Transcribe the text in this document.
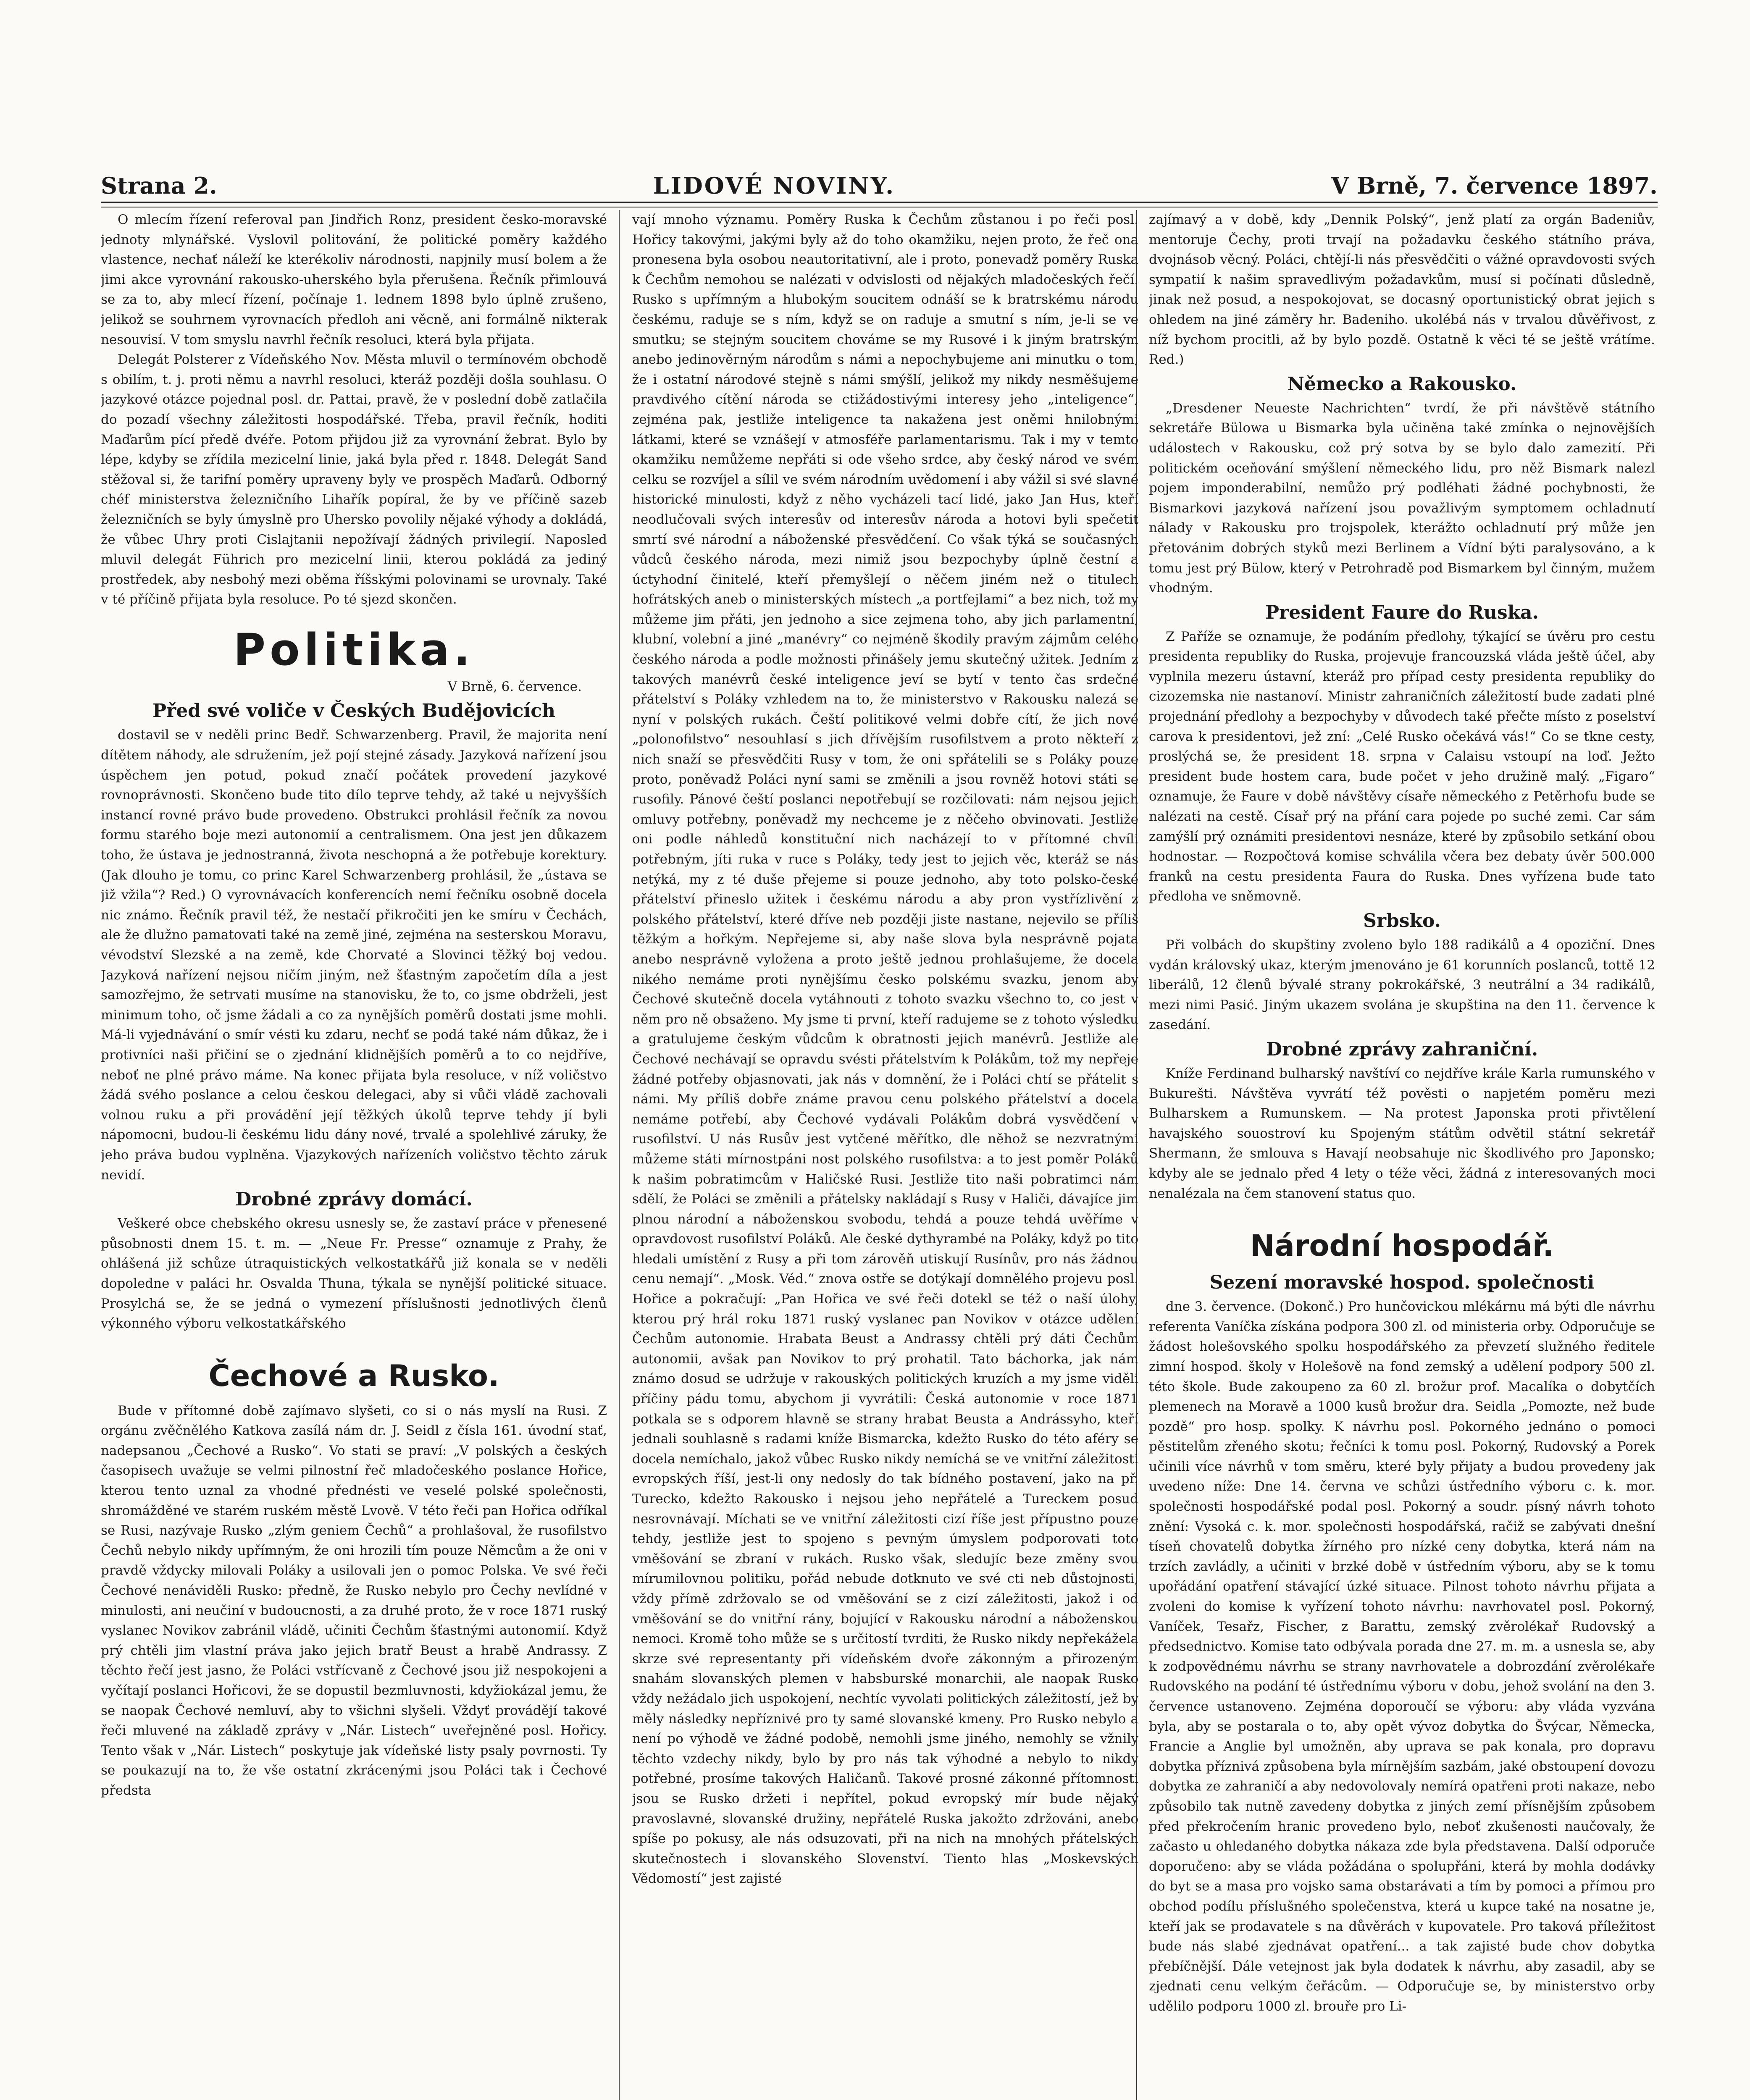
Strana 2.	LIDOVÉ NOVINY.	V Brně, 7. července 1897.

O mlecím řízení referoval pan Jindřich Ronz, president česko-moravské jednoty mlynářské. Vyslovil politování, že politické poměry každého vlastence, nechať náleží ke kterékoliv národnosti, napjnily musí bolem a že jimi akce vyrovnání rakousko-uherského byla přerušena. Řečník přimlouvá se za to, aby mlecí řízení, počínaje 1. lednem 1898 bylo úplně zrušeno, jelikož se souhrnem vyrovnacích předloh ani věcně, ani formálně nikterak nesouvisí. V tom smyslu navrhl řečník resoluci, která byla přijata.

Delegát Polsterer z Vídeňského Nov. Města mluvil o termínovém obchodě s obilím, t. j. proti němu a navrhl resoluci, kteráž později došla souhlasu. O jazykové otázce pojednal posl. dr. Pattai, pravě, že v poslední době zatlačila do pozadí všechny záležitosti hospodářské. Třeba, pravil řečník, hoditi Maďarům pící předě dvéře. Potom přijdou již za vyrovnání žebrat. Bylo by lépe, kdyby se zřídila mezicelní linie, jaká byla před r. 1848. Delegát Sand stěžoval si, že tarifní poměry upraveny byly ve prospěch Maďarů. Odborný chéf ministerstva železničního Lihařík popíral, že by ve příčině sazeb železničních se byly úmyslně pro Uhersko povolily nějaké výhody a dokládá, že vůbec Uhry proti Cislajtanii nepožívají žádných privilegií. Naposled mluvil delegát Führich pro mezicelní linii, kterou pokládá za jediný prostředek, aby nesbohý mezi oběma říšskými polovinami se urovnaly. Také v té příčině přijata byla resoluce. Po té sjezd skončen.

Politika.
V Brně, 6. července.
Před své voliče v Českých Budějovicích

dostavil se v neděli princ Bedř. Schwarzenberg. Pravil, že majorita není dítětem náhody, ale sdružením, jež pojí stejné zásady. Jazyková nařízení jsou úspěchem jen potud, pokud značí počátek provedení jazykové rovnoprávnosti. Skončeno bude tito dílo teprve tehdy, až také u nejvyšších instancí rovné právo bude provedeno. Obstrukci prohlásil řečník za novou formu starého boje mezi autonomií a centralismem. Ona jest jen důkazem toho, že ústava je jednostranná, života neschopná a že potřebuje korektury. (Jak dlouho je tomu, co princ Karel Schwarzenberg prohlásil, že „ústava se již vžila“? Red.) O vyrovnávacích konferencích nemí řečníku osobně docela nic známo. Řečník pravil též, že nestačí přikročiti jen ke smíru v Čechách, ale že dlužno pamatovati také na země jiné, zejména na sesterskou Moravu, vévodství Slezské a na země, kde Chorvaté a Slovinci těžký boj vedou. Jazyková nařízení nejsou ničím jiným, než šťastným započetím díla a jest samozřejmo, že setrvati musíme na stanovisku, že to, co jsme obdrželi, jest minimum toho, oč jsme žádali a co za nynějších poměrů dostati jsme mohli. Má-li vyjednávání o smír vésti ku zdaru, nechť se podá také nám důkaz, že i protivníci naši přičiní se o zjednání klidnějších poměrů a to co nejdříve, neboť ne plné právo máme. Na konec přijata byla resoluce, v níž voličstvo žádá svého poslance a celou českou delegaci, aby si vůči vládě zachovali volnou ruku a při provádění její těžkých úkolů teprve tehdy jí byli nápomocni, budou-li českému lidu dány nové, trvalé a spolehlivé záruky, že jeho práva budou vyplněna. Vjazykových nařízeních voličstvo těchto záruk nevidí.

Drobné zprávy domácí.

Veškeré obce chebského okresu usnesly se, že zastaví práce v přenesené působnosti dnem 15. t. m. — „Neue Fr. Presse“ oznamuje z Prahy, že ohlášená již schůze útraquistických velkostatkářů již konala se v neděli dopoledne v paláci hr. Osvalda Thuna, týkala se nynější politické situace. Prosylchá se, že se jedná o vymezení příslušnosti jednotlivých členů výkonného výboru velkostatkářského

Čechové a Rusko.

Bude v přítomné době zajímavo slyšeti, co si o nás myslí na Rusi. Z orgánu zvěčnělého Katkova zasílá nám dr. J. Seidl z čísla 161. úvodní stať, nadepsanou „Čechové a Rusko“. Vo stati se praví: „V polských a českých časopisech uvažuje se velmi pilnostní řeč mladočeského poslance Hořice, kterou tento uznal za vhodné přednésti ve veselé polské společnosti, shromážděné ve starém ruském městě Lvově. V této řeči pan Hořica odříkal se Rusi, nazývaje Rusko „zlým geniem Čechů“ a prohlašoval, že rusofilstvo Čechů nebylo nikdy upřímným, že oni hrozili tím pouze Němcům a že oni v pravdě vždycky milovali Poláky a usilovali jen o pomoc Polska. Ve své řeči Čechové nenáviděli Rusko: předně, že Rusko nebylo pro Čechy nevlídné v minulosti, ani neučiní v budoucnosti, a za druhé proto, že v roce 1871 ruský vyslanec Novikov zabránil vládě, učiniti Čechům šťastnými autonomií. Když prý chtěli jim vlastní práva jako jejich bratř Beust a hrabě Andrassy. Z těchto řečí jest jasno, že Poláci vstřícvaně z Čechové jsou již nespokojeni a vyčítají poslanci Hořicovi, že se dopustil bezmluvnosti, kdyžiokázal jemu, že se naopak Čechové nemluví, aby to všichni slyšeli. Vždyť provádějí takové řeči mluvené na základě zprávy v „Nár. Listech“ uveřejněné posl. Hořicy. Tento však v „Nár. Listech“ poskytuje jak vídeňské listy psaly povrnosti. Ty se poukazují na to, že vše ostatní zkrácenými jsou Poláci tak i Čechové předsta

vají mnoho významu. Poměry Ruska k Čechům zůstanou i po řeči posl. Hořicy takovými, jakými byly až do toho okamžiku, nejen proto, že řeč ona pronesena byla osobou neautoritativní, ale i proto, ponevadž poměry Ruska k Čechům nemohou se nalézati v odvislosti od nějakých mladočeských řečí. Rusko s upřímným a hlubokým soucitem odnáší se k bratrskému národu českému, raduje se s ním, když se on raduje a smutní s ním, je-li se ve smutku; se stejným soucitem chováme se my Rusové i k jiným bratrským anebo jedinověrným národům s námi a nepochybujeme ani minutku o tom, že i ostatní národové stejně s námi smýšlí, jelikož my nikdy nesměšujeme pravdivého cítění národa se ctižádostivými interesy jeho „inteligence“, zejména pak, jestliže inteligence ta nakažena jest oněmi hnilobnými látkami, které se vznášejí v atmosféře parlamentarismu. Tak i my v temto okamžiku nemůžeme nepřáti si ode všeho srdce, aby český národ ve svém celku se rozvíjel a sílil ve svém národním uvědomení i aby vážil si své slavné historické minulosti, když z něho vycházeli tací lidé, jako Jan Hus, kteří neodlučovali svých interesův od interesův národa a hotovi byli spečetit smrtí své národní a náboženské přesvědčení. Co však týká se současných vůdců českého národa, mezi nimiž jsou bezpochyby úplně čestní a úctyhodní činitelé, kteří přemyšlejí o něčem jiném než o titulech hofrátských aneb o ministerských místech „a portfejlami“ a bez nich, tož my můžeme jim přáti, jen jednoho a sice zejmena toho, aby jich parlamentní, klubní, volební a jiné „manévry“ co nejméně škodily pravým zájmům celého českého národa a podle možnosti přinášely jemu skutečný užitek. Jedním z takových manévrů české inteligence jeví se bytí v tento čas srdečné přátelství s Poláky vzhledem na to, že ministerstvo v Rakousku nalezá se nyní v polských rukách. Čeští politikové velmi dobře cítí, že jich nové „polonofilstvo“ nesouhlasí s jich dřívějším rusofilstvem a proto někteří z nich snaží se přesvědčiti Rusy v tom, že oni spřátelili se s Poláky pouze proto, poněvadž Poláci nyní sami se změnili a jsou rovněž hotovi státi se rusofily. Pánové čeští poslanci nepotřebují se rozčilovati: nám nejsou jejich omluvy potřebny, poněvadž my nechceme je z něčeho obvinovati. Jestliže oni podle náhledů konstituční nich nacházejí to v přítomné chvíli potřebným, jíti ruka v ruce s Poláky, tedy jest to jejich věc, kteráž se nás netýká, my z té duše přejeme si pouze jednoho, aby toto polsko-české přátelství přineslo užitek i českému národu a aby pron vystřízlivění z polského přátelství, které dříve neb později jiste nastane, nejevilo se příliš těžkým a hořkým. Nepřejeme si, aby naše slova byla nesprávně pojata anebo nesprávně vyložena a proto ještě jednou prohlašujeme, že docela nikého nemáme proti nynějšímu česko polskému svazku, jenom aby Čechové skutečně docela vytáhnouti z tohoto svazku všechno to, co jest v něm pro ně obsaženo. My jsme ti první, kteří radujeme se z tohoto výsledku a gratulujeme českým vůdcům k obratnosti jejich manévrů. Jestliže ale Čechové nechávají se opravdu svésti přátelstvím k Polákům, tož my nepřeje žádné potřeby objasnovati, jak nás v domnění, že i Poláci chtí se přátelit s námi. My příliš dobře známe pravou cenu polského přátelství a docela nemáme potřebí, aby Čechové vydávali Polákům dobrá vysvědčení v rusofilství. U nás Rusův jest vytčené měřítko, dle něhož se nezvratnými můžeme státi mírnostpáni nost polského rusofilstva: a to jest poměr Poláků k našim pobratimcům v Haličské Rusi. Jestliže tito naši pobratimci nám sdělí, že Poláci se změnili a přátelsky nakládají s Rusy v Haliči, dávajíce jim plnou národní a náboženskou svobodu, tehdá a pouze tehdá uvěříme v opravdovost rusofilství Poláků. Ale české dythyrambé na Poláky, když po tito hledali umístění z Rusy a při tom zárověň utiskují Rusínův, pro nás žádnou cenu nemají“. „Mosk. Véd.“ znova ostře se dotýkají domnělého projevu posl. Hořice a pokračují: „Pan Hořica ve své řeči dotekl se též o naší úlohy, kterou prý hrál roku 1871 ruský vyslanec pan Novikov v otázce udělení Čechům autonomie. Hrabata Beust a Andrassy chtěli prý dáti Čechům autonomii, avšak pan Novikov to prý prohatil. Tato báchorka, jak nám známo dosud se udržuje v rakouských politických kruzích a my jsme viděli příčiny pádu tomu, abychom ji vyvrátili: Česká autonomie v roce 1871 potkala se s odporem hlavně se strany hrabat Beusta a Andrássyho, kteří jednali souhlasně s radami kníže Bismarcka, kdežto Rusko do této aféry se docela nemíchalo, jakož vůbec Rusko nikdy nemíchá se ve vnitřní záležitosti evropských říší, jest-li ony nedosly do tak bídného postavení, jako na př. Turecko, kdežto Rakousko i nejsou jeho nepřátelé a Tureckem posud nesrovnávají. Míchati se ve vnitřní záležitosti cizí říše jest přípustno pouze tehdy, jestliže jest to spojeno s pevným úmyslem podporovati toto vměšování se zbraní v rukách. Rusko však, sledujíc beze změny svou mírumilovnou politiku, pořád nebude dotknuto ve své cti neb důstojnosti, vždy přímě zdržovalo se od vměšování se z cizí záležitosti, jakož i od vměšování se do vnitřní rány, bojující v Rakousku národní a náboženskou nemoci. Kromě toho může se s určitostí tvrditi, že Rusko nikdy nepřekážela skrze své representanty při vídeňském dvoře zákonným a přirozeným snahám slovanských plemen v habsburské monarchii, ale naopak Rusko vždy nežádalo jich uspokojení, nechtíc vyvolati politických záležitostí, jež by měly následky nepříznivé pro ty samé slovanské kmeny. Pro Rusko nebylo a není po výhodě ve žádné podobě, nemohli jsme jiného, nemohly se vžnily těchto vzdechy nikdy, bylo by pro nás tak výhodné a nebylo to nikdy potřebné, prosíme takových Haličanů. Takové prosné zákonné přítomnosti jsou se Rusko držeti i nepřítel, pokud evropský mír bude nějaký pravoslavné, slovanské družiny, nepřátelé Ruska jakožto zdržováni, anebo spíše po pokusy, ale nás odsuzovati, při na nich na mnohých přátelských skutečnostech i slovanského Slovenství. Tiento hlas „Moskevských Vědomostí“ jest zajisté

zajímavý a v době, kdy „Dennik Polský“, jenž platí za orgán Badeniův, mentoruje Čechy, proti trvají na požadavku českého státního práva, dvojnásob věcný. Poláci, chtějí-li nás přesvědčiti o vážné opravdovosti svých sympatií k našim spravedlivým požadavkům, musí si počínati důsledně, jinak než posud, a nespokojovat, se docasný oportunistický obrat jejich s ohledem na jiné záměry hr. Badeniho. ukolébá nás v trvalou důvěřivost, z níž bychom procitli, až by bylo pozdě. Ostatně k věci té se ještě vrátíme. Red.)

Německo a Rakousko.

„Dresdener Neueste Nachrichten“ tvrdí, že při návštěvě státního sekretáře Bülowa u Bismarka byla učiněna také zmínka o nejnovějších událostech v Rakousku, což prý sotva by se bylo dalo zamezití. Při politickém oceňování smýšlení německého lidu, pro něž Bismark nalezl pojem imponderabilní, nemůžo prý podléhati žádné pochybnosti, že Bismarkovi jazyková nařízení jsou považlivým symptomem ochladnutí nálady v Rakousku pro trojspolek, kterážto ochladnutí prý může jen přetovánim dobrých styků mezi Berlinem a Vídní býti paralysováno, a k tomu jest prý Bülow, který v Petrohradě pod Bismarkem byl činným, mužem vhodným.

President Faure do Ruska.

Z Paříže se oznamuje, že podáním předlohy, týkající se úvěru pro cestu presidenta republiky do Ruska, projevuje francouzská vláda ještě účel, aby vyplnila mezeru ústavní, kteráž pro případ cesty presidenta republiky do cizozemska nie nastanoví. Ministr zahraničních záležitostí bude zadati plné projednání předlohy a bezpochyby v důvodech také přečte místo z poselství carova k presidentovi, jež zní: „Celé Rusko očekává vás!“ Co se tkne cesty, proslýchá se, že president 18. srpna v Calaisu vstoupí na loď. Ježto president bude hostem cara, bude počet v jeho družině malý. „Figaro“ oznamuje, že Faure v době návštěvy císaře německého z Petěrhofu bude se nalézati na cestě. Císař prý na přání cara pojede po suché zemi. Car sám zamýšlí prý oznámiti presidentovi nesnáze, které by způsobilo setkání obou hodnostar. — Rozpočtová komise schválila včera bez debaty úvěr 500.000 franků na cestu presidenta Faura do Ruska. Dnes vyřízena bude tato předloha ve sněmovně.

Srbsko.

Při volbách do skupštiny zvoleno bylo 188 radikálů a 4 opoziční. Dnes vydán královský ukaz, kterým jmenováno je 61 korunních poslanců, tottě 12 liberálů, 12 členů bývalé strany pokrokářské, 3 neutrální a 34 radikálů, mezi nimi Pasić. Jiným ukazem svolána je skupština na den 11. července k zasedání.

Drobné zprávy zahraniční.

Kníže Ferdinand bulharský navštíví co nejdříve krále Karla rumunského v Bukurešti. Návštěva vyvrátí též pověsti o napjetém poměru mezi Bulharskem a Rumunskem. — Na protest Japonska proti přivtělení havajského souostroví ku Spojeným státům odvětil státní sekretář Shermann, že smlouva s Havají neobsahuje nic škodlivého pro Japonsko; kdyby ale se jednalo před 4 lety o téže věci, žádná z interesovaných moci nenalézala na čem stanovení status quo.

Národní hospodář.
Sezení moravské hospod. společnosti

dne 3. července. (Dokonč.) Pro hunčovickou mlékárnu má býti dle návrhu referenta Vaníčka získána podpora 300 zl. od ministeria orby. Odporučuje se žádost holešovského spolku hospodářského za převzetí služného ředitele zimní hospod. školy v Holešově na fond zemský a udělení podpory 500 zl. této škole. Bude zakoupeno za 60 zl. brožur prof. Macalíka o dobytčích plemenech na Moravě a 1000 kusů brožur dra. Seidla „Pomozte, než bude pozdě“ pro hosp. spolky. K návrhu posl. Pokorného jednáno o pomoci pěstitelům zřeného skotu; řečníci k tomu posl. Pokorný, Rudovský a Porek učinili více návrhů v tom směru, které byly přijaty a budou provedeny jak uvedeno níže: Dne 14. června ve schůzi ústředního výboru c. k. mor. společnosti hospodářské podal posl. Pokorný a soudr. písný návrh tohoto znění: Vysoká c. k. mor. společnosti hospodářská, račiž se zabývati dnešní tíseň chovatelů dobytka žírného pro nízké ceny dobytka, která nám na trzích zavládly, a učiniti v brzké době v ústředním výboru, aby se k tomu upořádání opatření stávající úzké situace. Pilnost tohoto návrhu přijata a zvoleni do komise k vyřízení tohoto návrhu: navrhovatel posl. Pokorný, Vaníček, Tesařz, Fischer, z Barattu, zemský zvěrolékař Rudovský a předsednictvo. Komise tato odbývala porada dne 27. m. m. a usnesla se, aby k zodpovědnému návrhu se strany navrhovatele a dobrozdání zvěrolékaře Rudovského na podání té ústřednímu výboru v dobu, jehož svolání na den 3. července ustanoveno. Zejména doporoučí se výboru: aby vláda vyzvána byla, aby se postarala o to, aby opět vývoz dobytka do Švýcar, Německa, Francie a Anglie byl umožněn, aby uprava se pak konala, pro dopravu dobytka příznivá způsobena byla mírnějším sazbám, jaké obstoupení dovozu dobytka ze zahraničí a aby nedovolovaly nemírá opatřeni proti nakaze, nebo způsobilo tak nutně zavedeny dobytka z jiných zemí přísnějším způsobem před překročením hranic provedeno bylo, neboť zkušenosti naučovaly, že začasto u ohledaného dobytka nákaza zde byla představena. Další odporuče doporučeno: aby se vláda požádána o spolupřáni, která by mohla dodávky do byt se a masa pro vojsko sama obstarávati a tím by pomoci a přímou pro obchod podílu příslušného společenstva, která u kupce také na nosatne je, kteří jak se prodavatele s na důvěrách v kupovatele. Pro taková příležitost bude nás slabé zjednávat opatření... a tak zajisté bude chov dobytka přebíčnější. Dále vetejnost jak byla dodatek k návrhu, aby zasadil, aby se zjednati cenu velkým čeřácům. — Odporučuje se, by ministerstvo orby udělilo podporu 1000 zl. brouře pro Li-
